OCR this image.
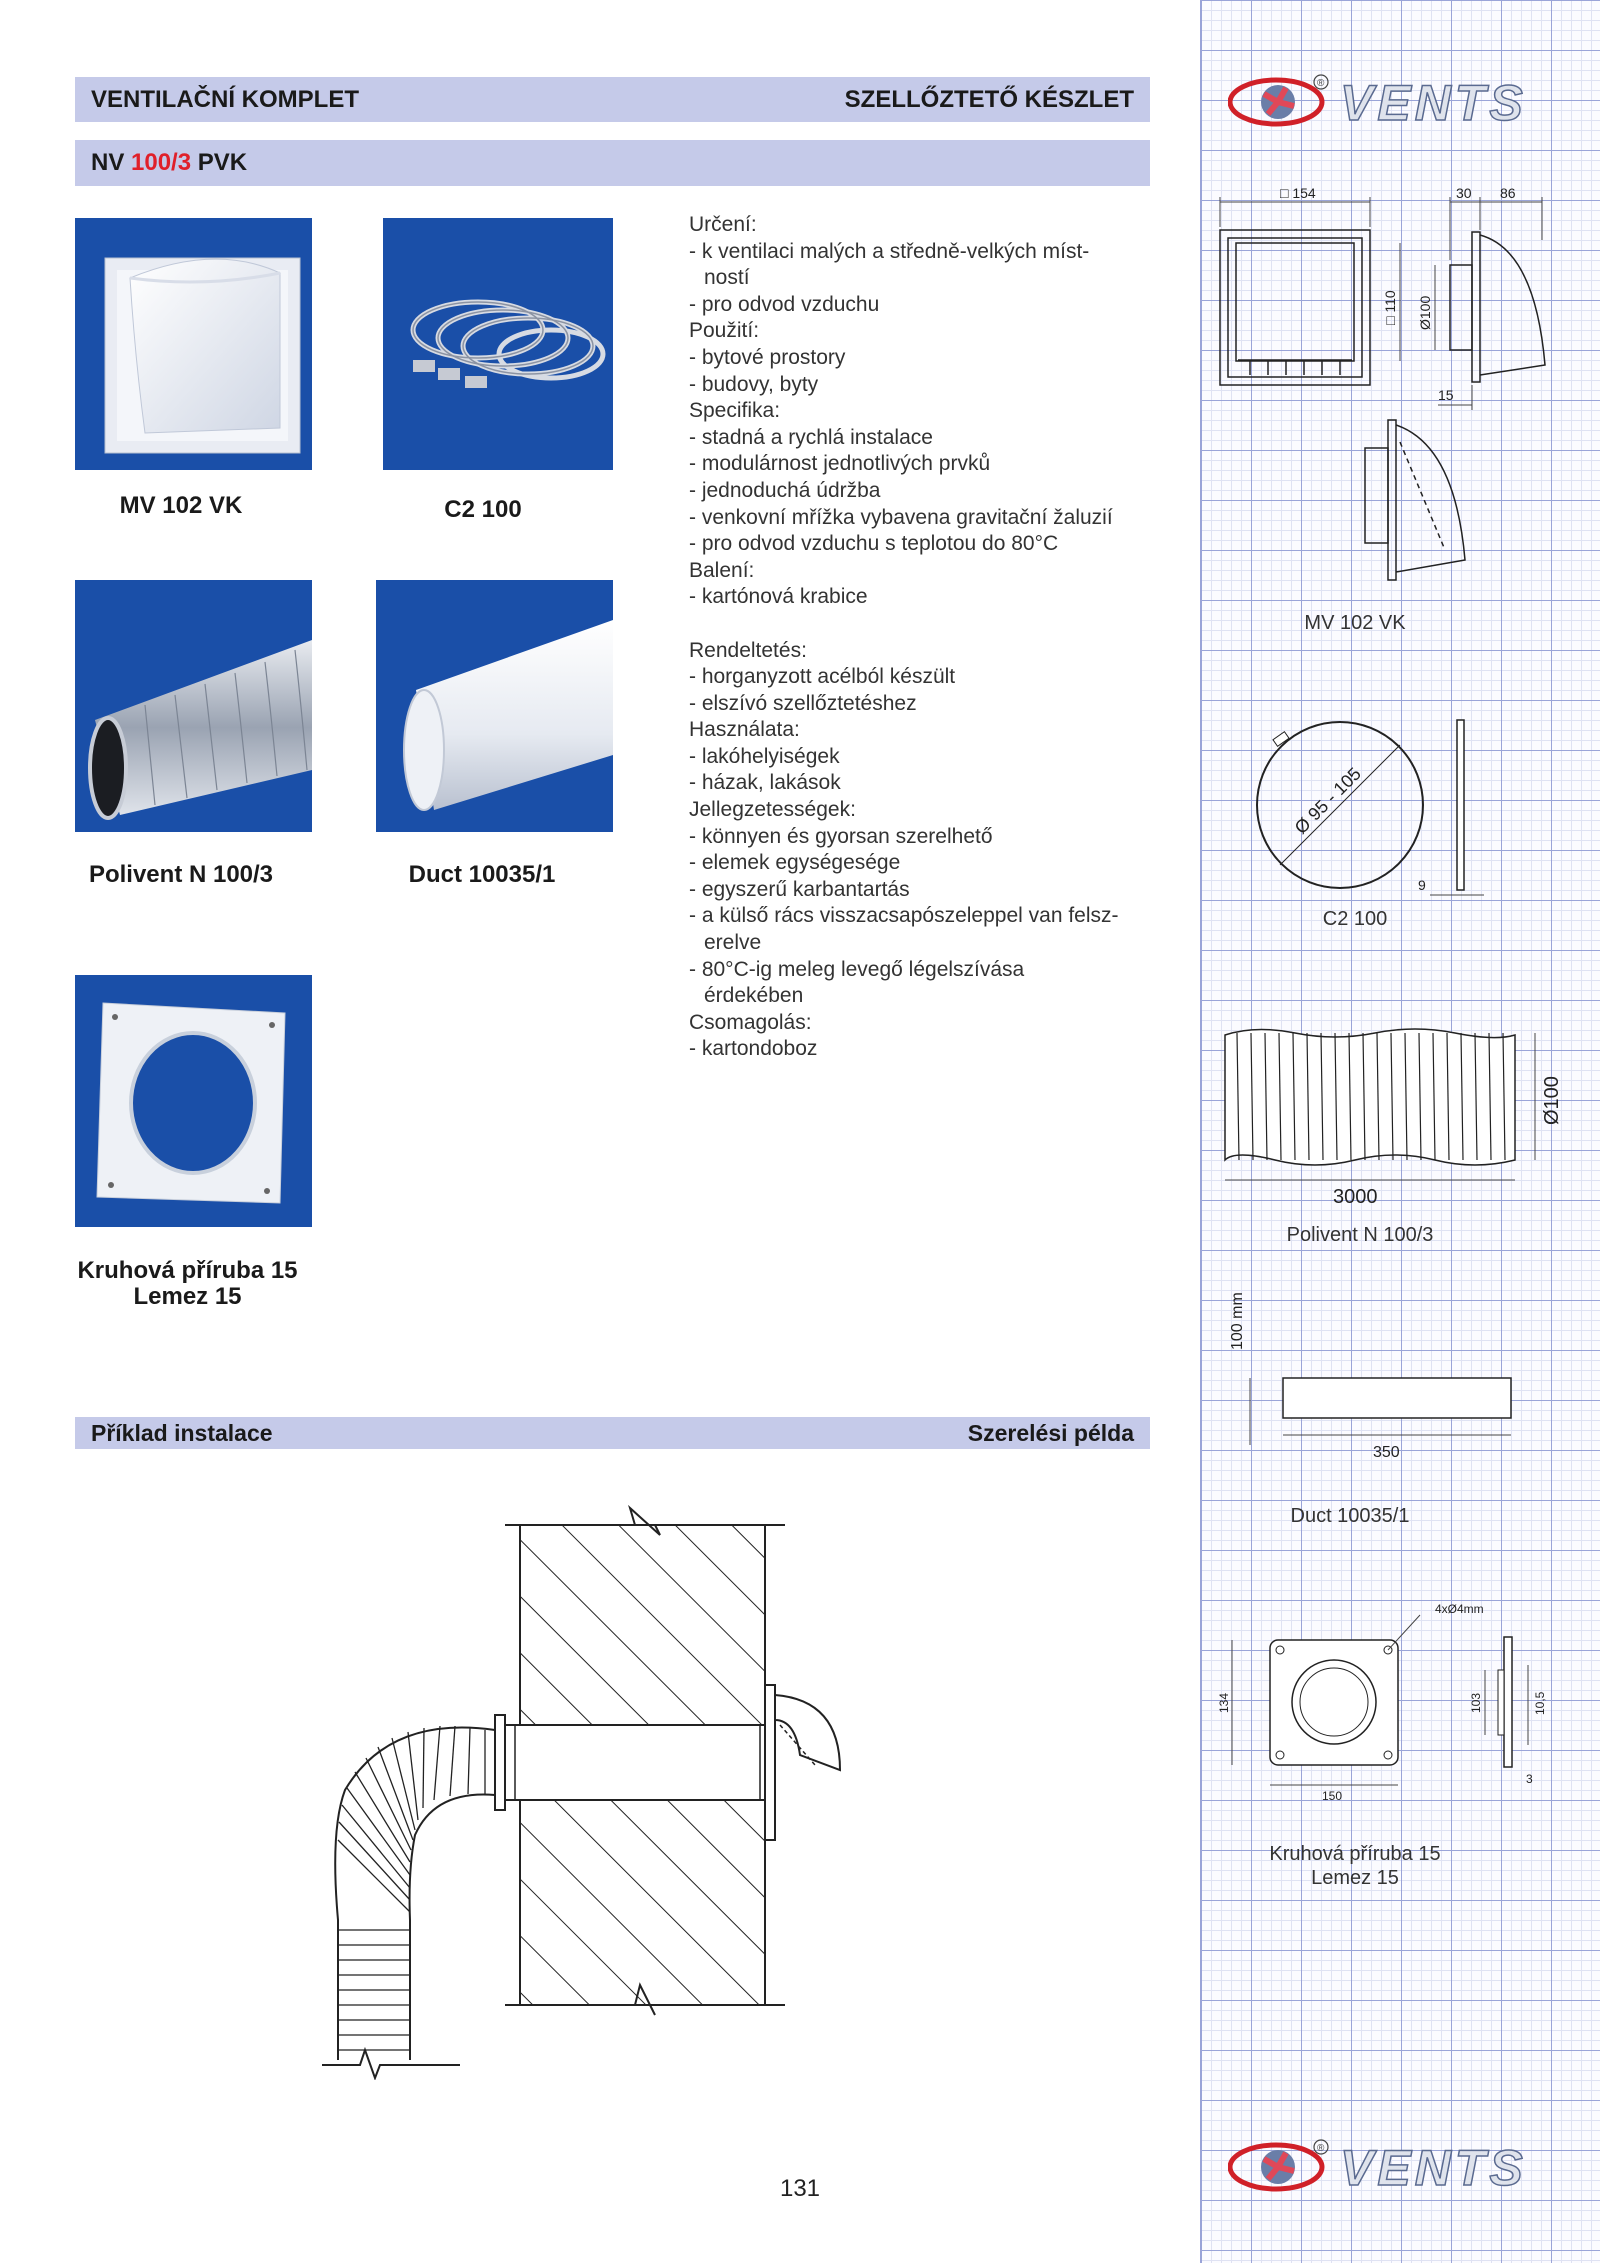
VENTILAČNÍ KOMPLET	SZELLŐZTETŐ KÉSZLET
NV 100/3 PVK
MV 102 VK	C2 100
Polivent N 100/3	Duct 10035/1
Kruhová příruba 15
Lemez 15
Určení:
- k ventilaci malých a středně-velkých míst-
ností
- pro odvod vzduchu
Použití:
- bytové prostory
- budovy, byty
Specifika:
- stadná a rychlá instalace
- modulárnost jednotlivých prvků
- jednoduchá údržba
- venkovní mřížka vybavena gravitační žaluzií
- pro odvod vzduchu s teplotou do 80°C
Balení:
- kartónová krabice
Rendeltetés:
- horganyzott acélból készült
- elszívó szellőztetéshez
Használata:
- lakóhelyiségek
- házak, lakások
Jellegzetességek:
- könnyen és gyorsan szerelhető
- elemek egységesége
- egyszerű karbantartás
- a külső rács visszacsapószeleppel van felsz-
erelve
- 80°C-ig meleg levegő légelszívása
érdekében
Csomagolás:
- kartondoboz
Příklad instalace	Szerelési példa
□ 154	30 86
□ 110 Ø100
15
MV 102 VK
Ø 95 - 105
9
C2 100
3000
Ø100
Polivent N 100/3
100 mm
350
Duct 10035/1
4xØ4mm
134
150
103	10,5
3
Kruhová příruba 15
Lemez 15
® VENTS
® VENTS
131
